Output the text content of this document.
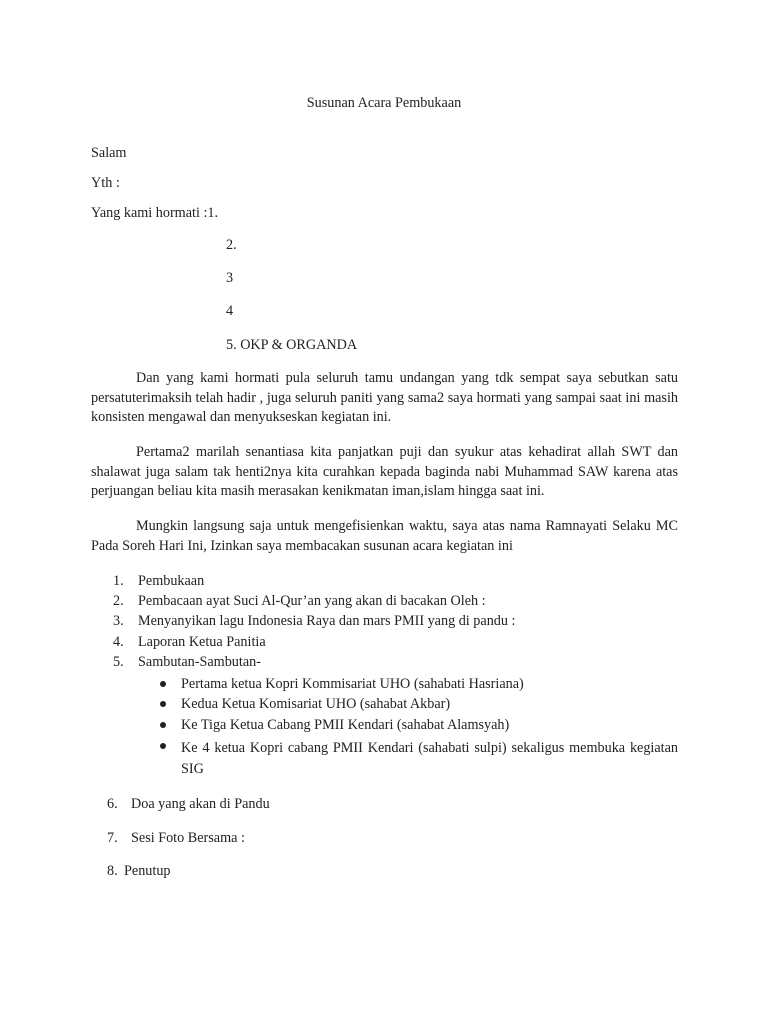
Susunan Acara Pembukaan
Salam
Yth :
Yang kami hormati :1.
2.
3
4
5. OKP & ORGANDA
Dan yang kami hormati pula seluruh tamu undangan yang tdk sempat saya sebutkan satu persatuterimaksih telah hadir , juga seluruh paniti yang sama2 saya hormati yang sampai saat ini masih konsisten mengawal dan menyukseskan kegiatan ini.
Pertama2 marilah senantiasa kita panjatkan puji dan syukur atas kehadirat allah SWT dan shalawat juga salam tak henti2nya kita curahkan kepada baginda nabi Muhammad SAW karena atas perjuangan beliau kita masih merasakan kenikmatan iman,islam hingga saat ini.
Mungkin langsung saja untuk mengefisienkan waktu, saya atas nama Ramnayati Selaku MC Pada Soreh Hari Ini, Izinkan saya membacakan susunan acara kegiatan ini
1. Pembukaan
2. Pembacaan ayat Suci Al-Qur’an yang akan di bacakan Oleh :
3. Menyanyikan lagu Indonesia Raya dan mars PMII yang di pandu :
4. Laporan Ketua Panitia
5. Sambutan-Sambutan-
Pertama ketua Kopri Kommisariat UHO (sahabati Hasriana)
Kedua Ketua Komisariat UHO (sahabat Akbar)
Ke Tiga Ketua Cabang PMII Kendari (sahabat Alamsyah)
Ke 4 ketua Kopri cabang PMII Kendari (sahabati sulpi) sekaligus membuka kegiatan SIG
6. Doa yang akan di Pandu
7. Sesi Foto Bersama :
8. Penutup
